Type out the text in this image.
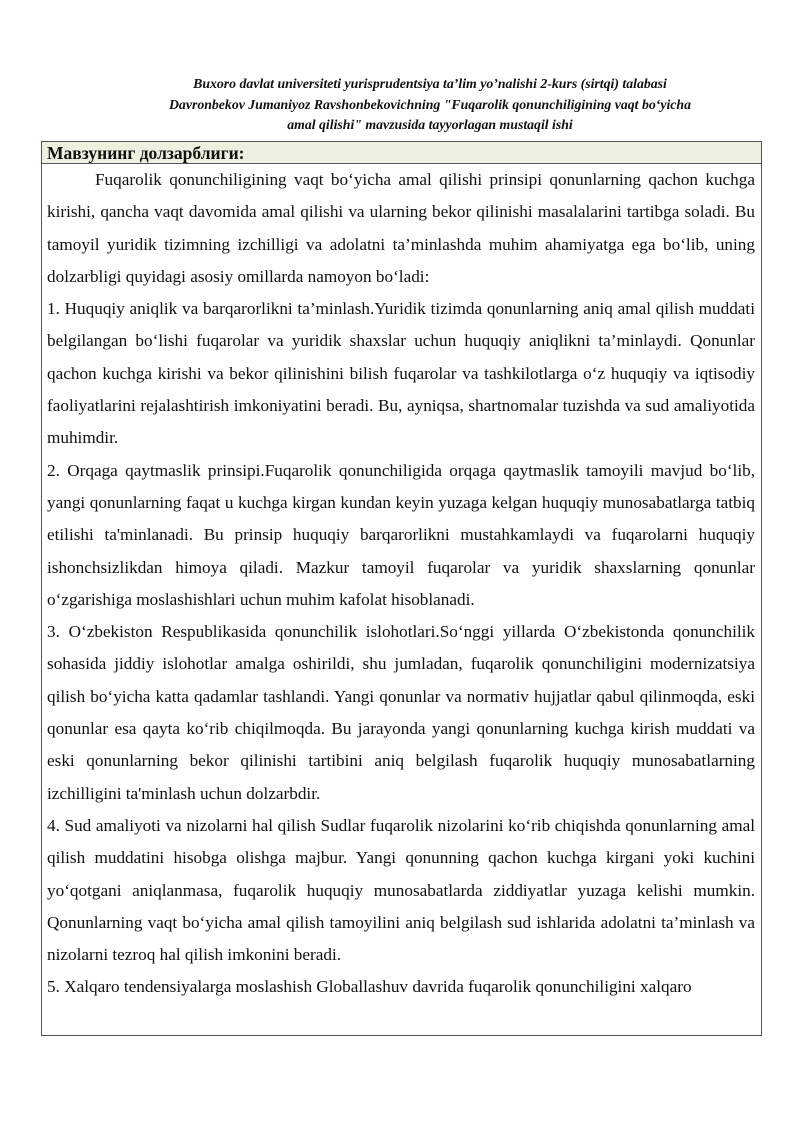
Buxoro davlat universiteti yurisprudentsiya ta’lim yo’nalishi 2-kurs (sirtqi) talabasi
Davronbekov Jumaniyoz Ravshonbekovichning "Fuqarolik qonunchiligining vaqt bo‘yicha
amal qilishi" mavzusida tayyorlagan mustaqil ishi
Мавзунинг долзарблиги:

Fuqarolik qonunchiligining vaqt bo‘yicha amal qilishi prinsipi qonunlarning qachon kuchga kirishi, qancha vaqt davomida amal qilishi va ularning bekor qilinishi masalalarini tartibga soladi. Bu tamoyil yuridik tizimning izchilligi va adolatni ta’minlashda muhim ahamiyatga ega bo‘lib, uning dolzarbligi quyidagi asosiy omillarda namoyon bo‘ladi:

1. Huquqiy aniqlik va barqarorlikni ta’minlash.Yuridik tizimda qonunlarning aniq amal qilish muddati belgilangan bo‘lishi fuqarolar va yuridik shaxslar uchun huquqiy aniqlikni ta’minlaydi. Qonunlar qachon kuchga kirishi va bekor qilinishini bilish fuqarolar va tashkilotlarga o‘z huquqiy va iqtisodiy faoliyatlarini rejalashtirish imkoniyatini beradi. Bu, ayniqsa, shartnomalar tuzishda va sud amaliyotida muhimdir.

2. Orqaga qaytmaslik prinsipi.Fuqarolik qonunchiligida orqaga qaytmaslik tamoyili mavjud bo‘lib, yangi qonunlarning faqat u kuchga kirgan kundan keyin yuzaga kelgan huquqiy munosabatlarga tatbiq etilishi ta'minlanadi. Bu prinsip huquqiy barqarorlikni mustahkamlaydi va fuqarolarni huquqiy ishonchsizlikdan himoya qiladi. Mazkur tamoyil fuqarolar va yuridik shaxslarning qonunlar o‘zgarishiga moslashishlari uchun muhim kafolat hisoblanadi.

3. O‘zbekiston Respublikasida qonunchilik islohotlari.So‘nggi yillarda O‘zbekistonda qonunchilik sohasida jiddiy islohotlar amalga oshirildi, shu jumladan, fuqarolik qonunchiligini modernizatsiya qilish bo‘yicha katta qadamlar tashlandi. Yangi qonunlar va normativ hujjatlar qabul qilinmoqda, eski qonunlar esa qayta ko‘rib chiqilmoqda. Bu jarayonda yangi qonunlarning kuchga kirish muddati va eski qonunlarning bekor qilinishi tartibini aniq belgilash fuqarolik huquqiy munosabatlarning izchilligini ta'minlash uchun dolzarbdir.

4. Sud amaliyoti va nizolarni hal qilish Sudlar fuqarolik nizolarini ko‘rib chiqishda qonunlarning amal qilish muddatini hisobga olishga majbur. Yangi qonunning qachon kuchga kirgani yoki kuchini yo‘qotgani aniqlanmasa, fuqarolik huquqiy munosabatlarda ziddiyatlar yuzaga kelishi mumkin. Qonunlarning vaqt bo‘yicha amal qilish tamoyilini aniq belgilash sud ishlarida adolatni ta’minlash va nizolarni tezroq hal qilish imkonini beradi.

5. Xalqaro tendensiyalarga moslashish Globallashuv davrida fuqarolik qonunchiligini xalqaro
